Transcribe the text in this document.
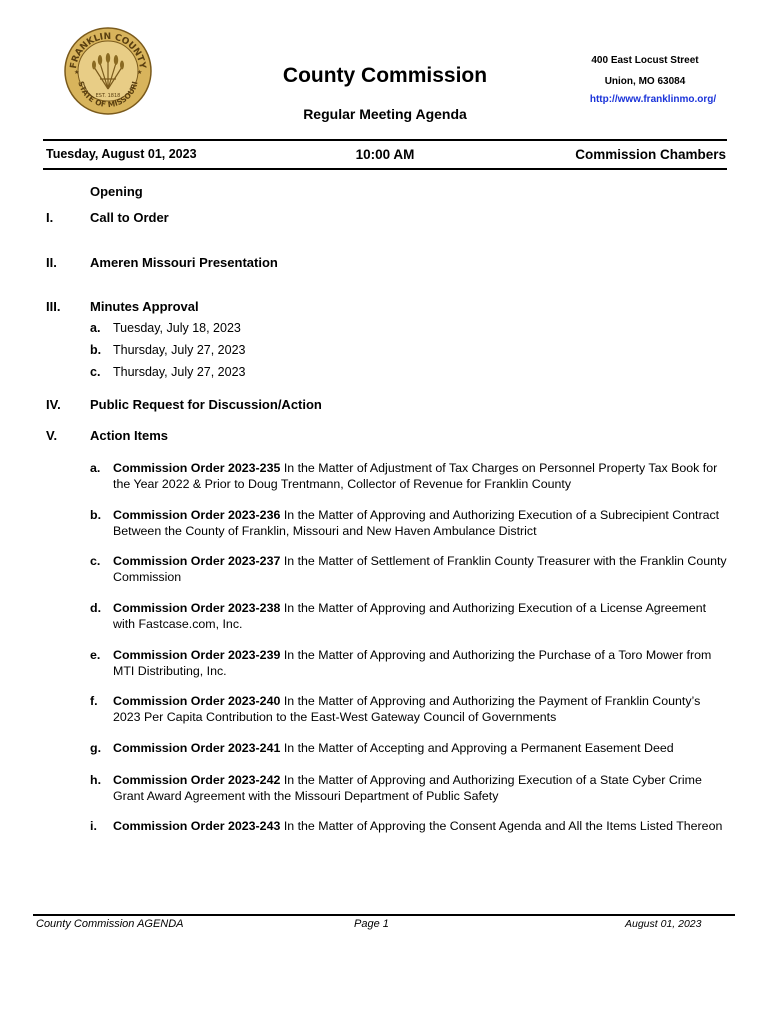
FRANKLIN COUNTY
STATE OF MISSOURI
EST. 1818
★	★	County Commission
Regular Meeting Agenda
400 East Locust Street
Union, MO 63084
http://www.franklinmo.org/
Tuesday, August 01, 2023	10:00 AM	Commission Chambers
Opening
I.	Call to Order
II.	Ameren Missouri Presentation
III. Minutes Approval
a. Tuesday, July 18, 2023
b. Thursday, July 27, 2023
c. Thursday, July 27, 2023
IV. Public Request for Discussion/Action
V.	Action Items
a. Commission Order 2023-235 In the Matter of Adjustment of Tax Charges on Personnel Property Tax Book for the Year 2022 & Prior to Doug Trentmann, Collector of Revenue for Franklin County
b. Commission Order 2023-236 In the Matter of Approving and Authorizing Execution of a Subrecipient Contract Between the County of Franklin, Missouri and New Haven Ambulance District
c. Commission Order 2023-237 In the Matter of Settlement of Franklin County Treasurer with the Franklin County Commission
d. Commission Order 2023-238 In the Matter of Approving and Authorizing Execution of a License Agreement with Fastcase.com, Inc.
e. Commission Order 2023-239 In the Matter of Approving and Authorizing the Purchase of a Toro Mower from MTI Distributing, Inc.
f. Commission Order 2023-240 In the Matter of Approving and Authorizing the Payment of Franklin County’s 2023 Per Capita Contribution to the East-West Gateway Council of Governments
g. Commission Order 2023-241 In the Matter of Accepting and Approving a Permanent Easement Deed
h. Commission Order 2023-242 In the Matter of Approving and Authorizing Execution of a State Cyber Crime Grant Award Agreement with the Missouri Department of Public Safety
i. Commission Order 2023-243 In the Matter of Approving the Consent Agenda and All the Items Listed Thereon
County Commission AGENDA	Page 1	August 01, 2023
